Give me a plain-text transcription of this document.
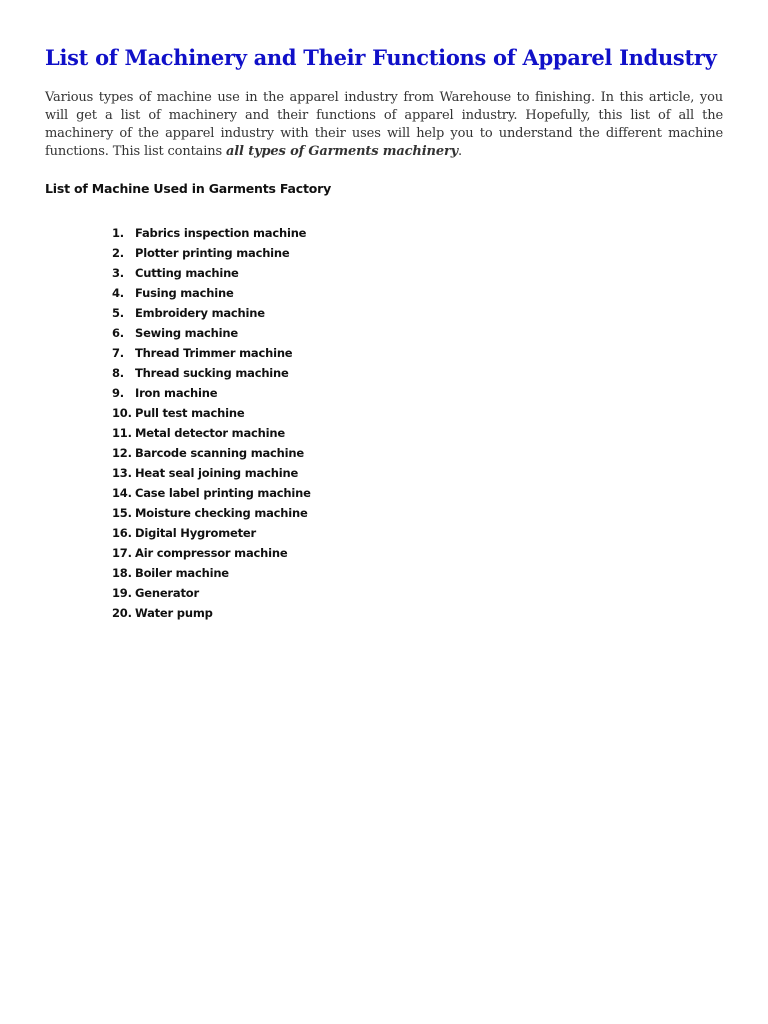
List of Machinery and Their Functions of Apparel Industry

Various types of machine use in the apparel industry from Warehouse to finishing. In this article, you will get a list of machinery and their functions of apparel industry. Hopefully, this list of all the machinery of the apparel industry with their uses will help you to understand the different machine functions. This list contains all types of Garments machinery.

List of Machine Used in Garments Factory
1. Fabrics inspection machine
2. Plotter printing machine
3. Cutting machine
4. Fusing machine
5. Embroidery machine
6. Sewing machine
7. Thread Trimmer machine
8. Thread sucking machine
9. Iron machine
10. Pull test machine
11. Metal detector machine
12. Barcode scanning machine
13. Heat seal joining machine
14. Case label printing machine
15. Moisture checking machine
16. Digital Hygrometer
17. Air compressor machine
18. Boiler machine
19. Generator
20. Water pump
